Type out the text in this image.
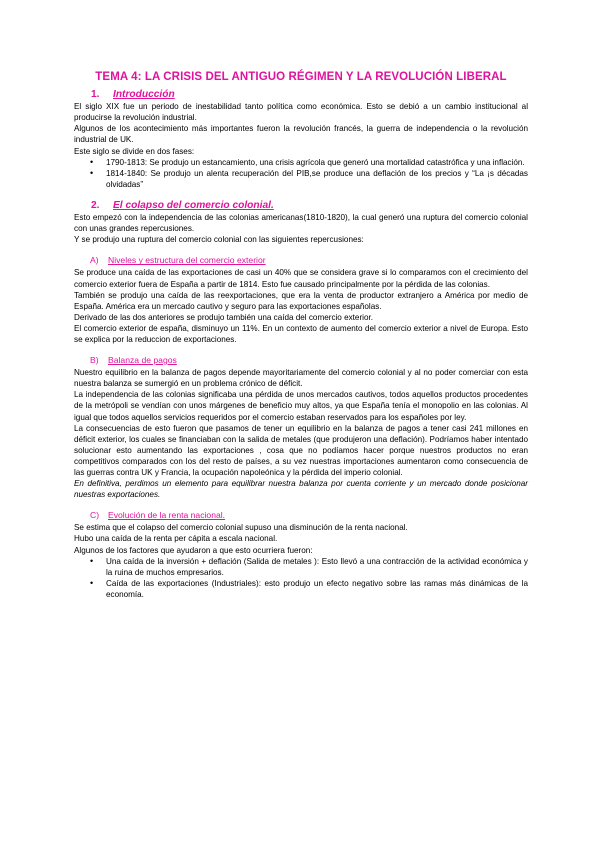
TEMA 4: LA CRISIS DEL ANTIGUO RÉGIMEN Y LA REVOLUCIÓN LIBERAL
1. Introducción

El siglo XIX fue un periodo de inestabilidad tanto política como económica. Esto se debió a un cambio institucional al producirse la revolución industrial.

Algunos de los acontecimiento más importantes fueron la revolución francés, la guerra de independencia o la revolución industrial de UK.

Este siglo se divide en dos fases:

• 1790-1813: Se produjo un estancamiento, una crisis agrícola que generó una mortalidad catastrófica y una inflación.
• 1814-1840: Se produjo un alenta recuperación del PIB,se produce una deflación de los precios y “La ¡s décadas olvidadas”
2. El colapso del comercio colonial.

Esto empezó con la independencia de las colonias americanas(1810-1820), la cual generó una ruptura del comercio colonial con unas grandes repercusiones.

Y se produjo una ruptura del comercio colonial con las siguientes repercusiones:

A) Niveles y estructura del comercio exterior

Se produce una caída de las exportaciones de casi un 40% que se considera grave si lo comparamos con el crecimiento del comercio exterior fuera de España a partir de 1814. Esto fue causado principalmente por la pérdida de las colonias.

También se produjo una caída de las reexportaciones, que era la venta de productor extranjero a América por medio de España. América era un mercado cautivo y seguro para las exportaciones españolas.

Derivado de las dos anteriores se produjo también una caída del comercio exterior.

El comercio exterior de españa, disminuyo un 11%. En un contexto de aumento del comercio exterior a nivel de Europa. Esto se explica por la reduccion de exportaciones.

B) Balanza de pagos

Nuestro equilibrio en la balanza de pagos depende mayoritariamente del comercio colonial y al no poder comerciar con esta nuestra balanza se sumergió en un problema crónico de déficit.

La independencia de las colonias significaba una pérdida de unos mercados cautivos, todos aquellos productos procedentes de la metrópoli se vendían con unos márgenes de beneficio muy altos, ya que España tenía el monopolio en las colonias. Al igual que todos aquellos servicios requeridos por el comercio estaban reservados para los españoles por ley.

La consecuencias de esto fueron que pasamos de tener un equilibrio en la balanza de pagos a tener casi 241 millones en déficit exterior, los cuales se financiaban con la salida de metales (que produjeron una deflación). Podríamos haber intentado solucionar esto aumentando las exportaciones , cosa que no podíamos hacer porque nuestros productos no eran competitivos comparados con los del resto de países, a su vez nuestras importaciones aumentaron como consecuencia de las guerras contra UK y Francia, la ocupación napoleónica y la pérdida del imperio colonial.

En definitiva, perdimos un elemento para equilibrar nuestra balanza por cuenta corriente y un mercado donde posicionar nuestras exportaciones.

C) Evolución de la renta nacional.

Se estima que el colapso del comercio colonial supuso una disminución de la renta nacional.

Hubo una caída de la renta per cápita a escala nacional.

Algunos de los factores que ayudaron a que esto ocurriera fueron:

• Una caída de la inversión + deflación (Salida de metales ): Esto llevó a una contracción de la actividad económica y la ruina de muchos empresarios.
• Caída de las exportaciones (Industriales): esto produjo un efecto negativo sobre las ramas más dinámicas de la economía.
